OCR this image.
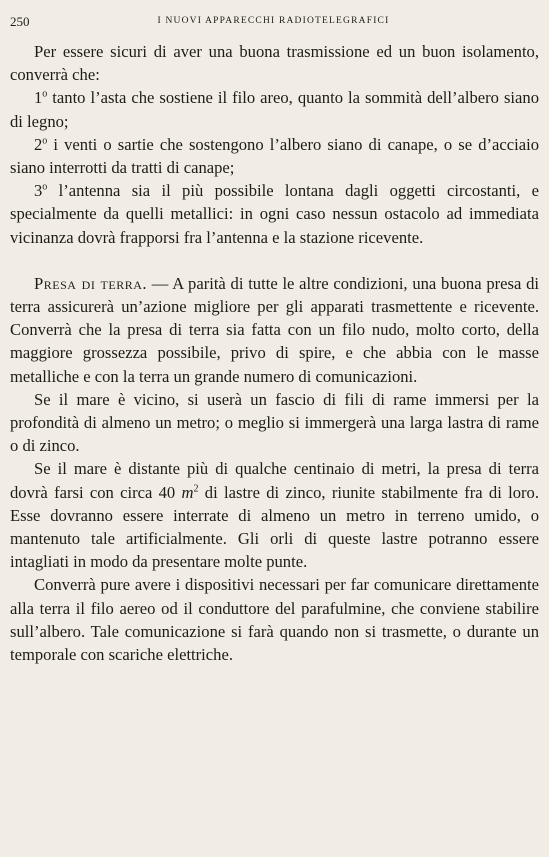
250	I NUOVI APPARECCHI RADIOTELEGRAFICI

Per essere sicuri di aver una buona trasmissione ed un buon isolamento, converrà che:

1$^o$ tanto l’asta che sostiene il filo areo, quanto la sommità dell’albero siano di legno;

2$^o$ i venti o sartie che sostengono l’albero siano di canape, o se d’acciaio siano interrotti da tratti di canape;

3$^o$ l’antenna sia il più possibile lontana dagli oggetti circostanti, e specialmente da quelli metallici: in ogni caso nessun ostacolo ad immediata vicinanza dovrà frapporsi fra l’antenna e la stazione ricevente.

Presa di terra. — A parità di tutte le altre condizioni, una buona presa di terra assicurerà un’azione migliore per gli apparati trasmettente e ricevente. Converrà che la presa di terra sia fatta con un filo nudo, molto corto, della maggiore grossezza possibile, privo di spire, e che abbia con le masse metalliche e con la terra un grande numero di comunicazioni.

Se il mare è vicino, si userà un fascio di fili di rame immersi per la profondità di almeno un metro; o meglio si immergerà una larga lastra di rame o di zinco.

Se il mare è distante più di qualche centinaio di metri, la presa di terra dovrà farsi con circa 40 $m^2$ di lastre di zinco, riunite stabilmente fra di loro. Esse dovranno essere interrate di almeno un metro in terreno umido, o mantenuto tale artificialmente. Gli orli di queste lastre potranno essere intagliati in modo da presentare molte punte.

Converrà pure avere i dispositivi necessari per far comunicare direttamente alla terra il filo aereo od il conduttore del parafulmine, che conviene stabilire sull’albero. Tale comunicazione si farà quando non si trasmette, o durante un temporale con scariche elettriche.
